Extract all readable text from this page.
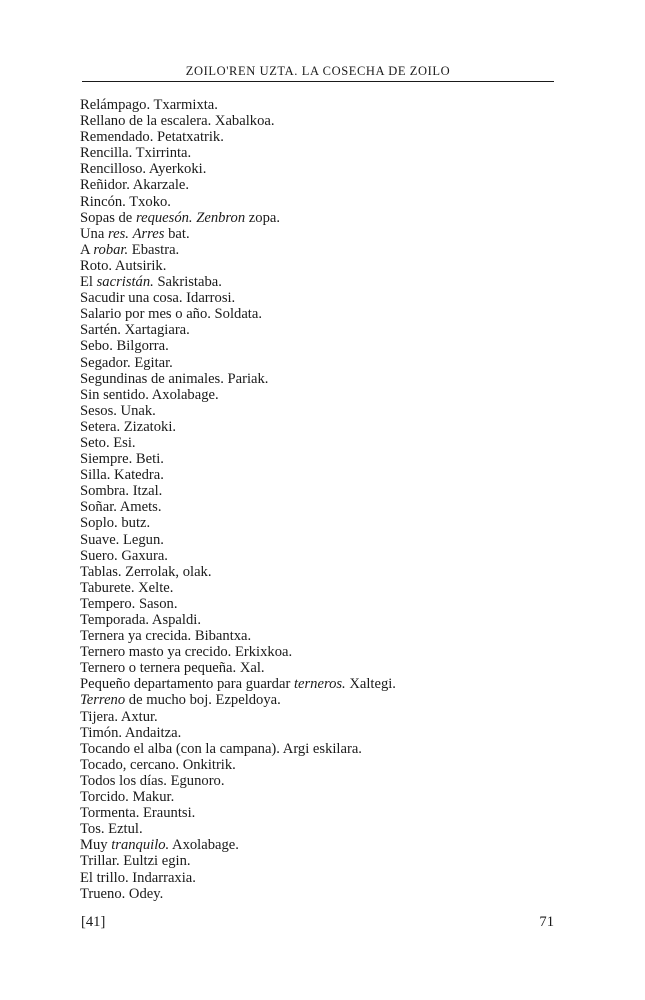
ZOILO'REN UZTA. LA COSECHA DE ZOILO
Relámpago. Txarmixta.
Rellano de la escalera. Xabalkoa.
Remendado. Petatxatrik.
Rencilla. Txirrinta.
Rencilloso. Ayerkoki.
Reñidor. Akarzale.
Rincón. Txoko.
Sopas de requesón. Zenbron zopa.
Una res. Arres bat.
A robar. Ebastra.
Roto. Autsirik.
El sacristán. Sakristaba.
Sacudir una cosa. Idarrosi.
Salario por mes o año. Soldata.
Sartén. Xartagiara.
Sebo. Bilgorra.
Segador. Egitar.
Segundinas de animales. Pariak.
Sin sentido. Axolabage.
Sesos. Unak.
Setera. Zizatoki.
Seto. Esi.
Siempre. Beti.
Silla. Katedra.
Sombra. Itzal.
Soñar. Amets.
Soplo. butz.
Suave. Legun.
Suero. Gaxura.
Tablas. Zerrolak, olak.
Taburete. Xelte.
Tempero. Sason.
Temporada. Aspaldi.
Ternera ya crecida. Bibantxa.
Ternero masto ya crecido. Erkixkoa.
Ternero o ternera pequeña. Xal.
Pequeño departamento para guardar terneros. Xaltegi.
Terreno de mucho boj. Ezpeldoya.
Tijera. Axtur.
Timón. Andaitza.
Tocando el alba (con la campana). Argi eskilara.
Tocado, cercano. Onkitrik.
Todos los días. Egunoro.
Torcido. Makur.
Tormenta. Erauntsi.
Tos. Eztul.
Muy tranquilo. Axolabage.
Trillar. Eultzi egin.
El trillo. Indarraxia.
Trueno. Odey.
[41]	71
